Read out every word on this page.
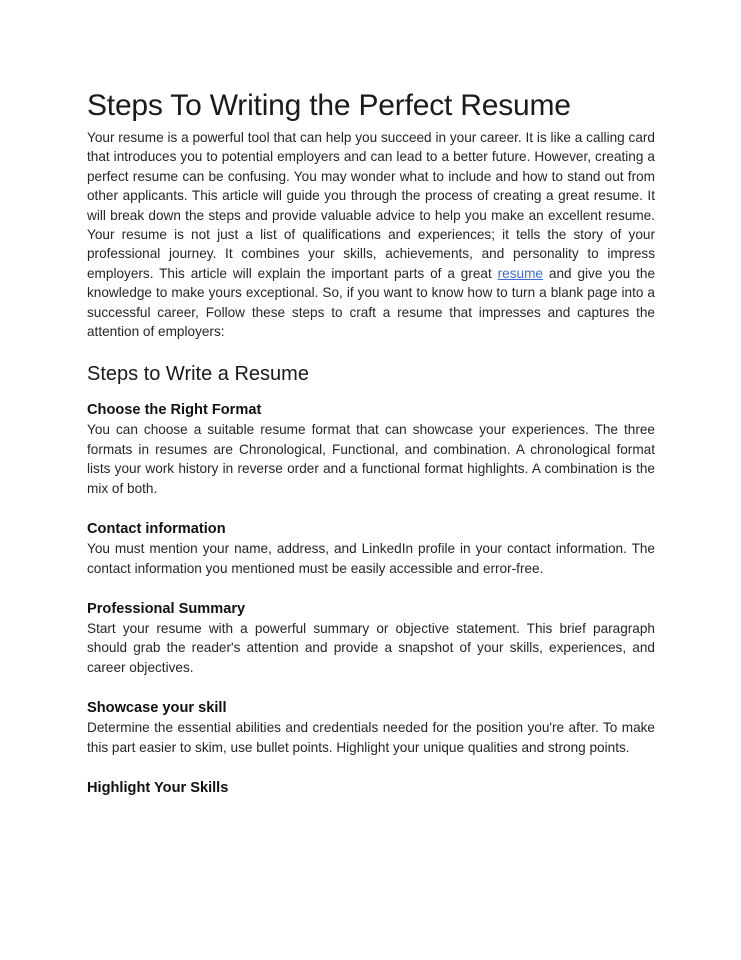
Steps To Writing the Perfect Resume

Your resume is a powerful tool that can help you succeed in your career. It is like a calling card that introduces you to potential employers and can lead to a better future. However, creating a perfect resume can be confusing. You may wonder what to include and how to stand out from other applicants. This article will guide you through the process of creating a great resume. It will break down the steps and provide valuable advice to help you make an excellent resume. Your resume is not just a list of qualifications and experiences; it tells the story of your professional journey. It combines your skills, achievements, and personality to impress employers. This article will explain the important parts of a great resume and give you the knowledge to make yours exceptional. So, if you want to know how to turn a blank page into a successful career, Follow these steps to craft a resume that impresses and captures the attention of employers:

Steps to Write a Resume
Choose the Right Format

You can choose a suitable resume format that can showcase your experiences. The three formats in resumes are Chronological, Functional, and combination. A chronological format lists your work history in reverse order and a functional format highlights. A combination is the mix of both.

Contact information

You must mention your name, address, and LinkedIn profile in your contact information. The contact information you mentioned must be easily accessible and error-free.

Professional Summary

Start your resume with a powerful summary or objective statement. This brief paragraph should grab the reader's attention and provide a snapshot of your skills, experiences, and career objectives.

Showcase your skill

Determine the essential abilities and credentials needed for the position you're after. To make this part easier to skim, use bullet points. Highlight your unique qualities and strong points.

Highlight Your Skills
